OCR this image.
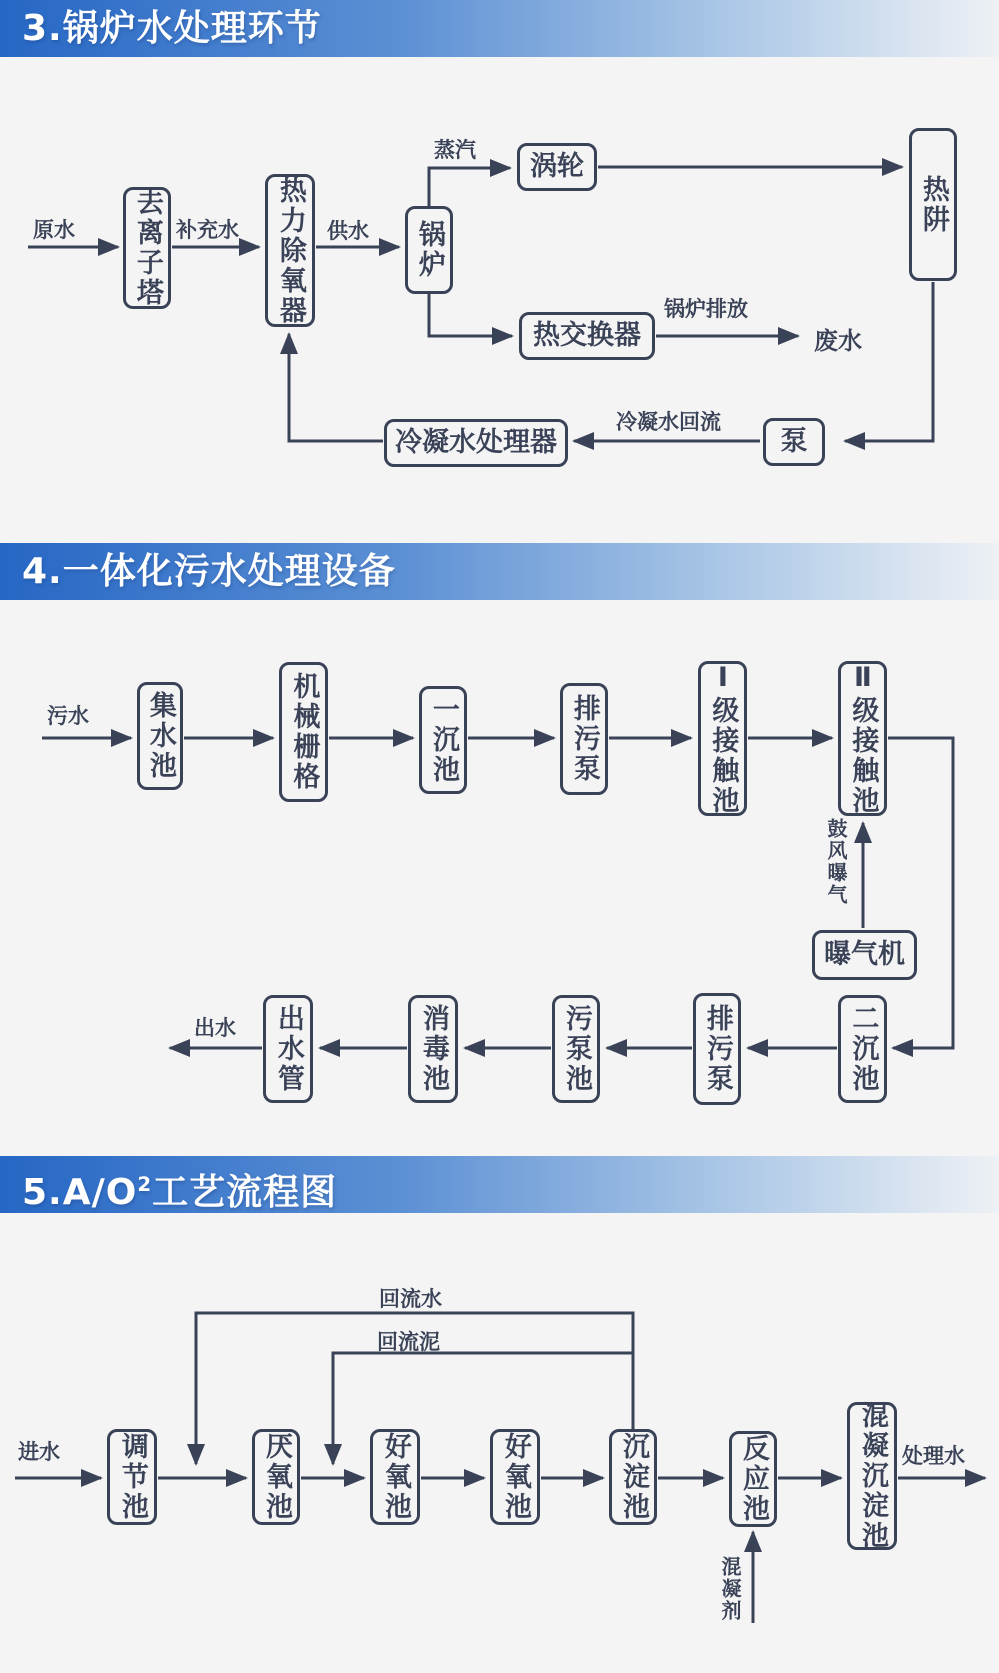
3.锅炉水处理环节
4.一体化污水处理设备
$5.A/O^2$工艺流程图
去离子塔	热力除氧器	锅炉
涡轮
热阱
热交换器
冷凝水处理器	泵
原水	补充水	供水
蒸汽
锅炉排放
废水
冷凝水回流
集水池	机械栅格	一沉池	排污泵	Ⅰ级接触池	Ⅱ级接触池
曝气机
二沉池
排污泵
污泵池
消毒池
出水管
污水
鼓风曝气
出水
调节池	厌氧池	好氧池	好氧池	沉淀池	反应池	混凝沉淀池
进水
回流水
回流泥
混凝剂
处理水
